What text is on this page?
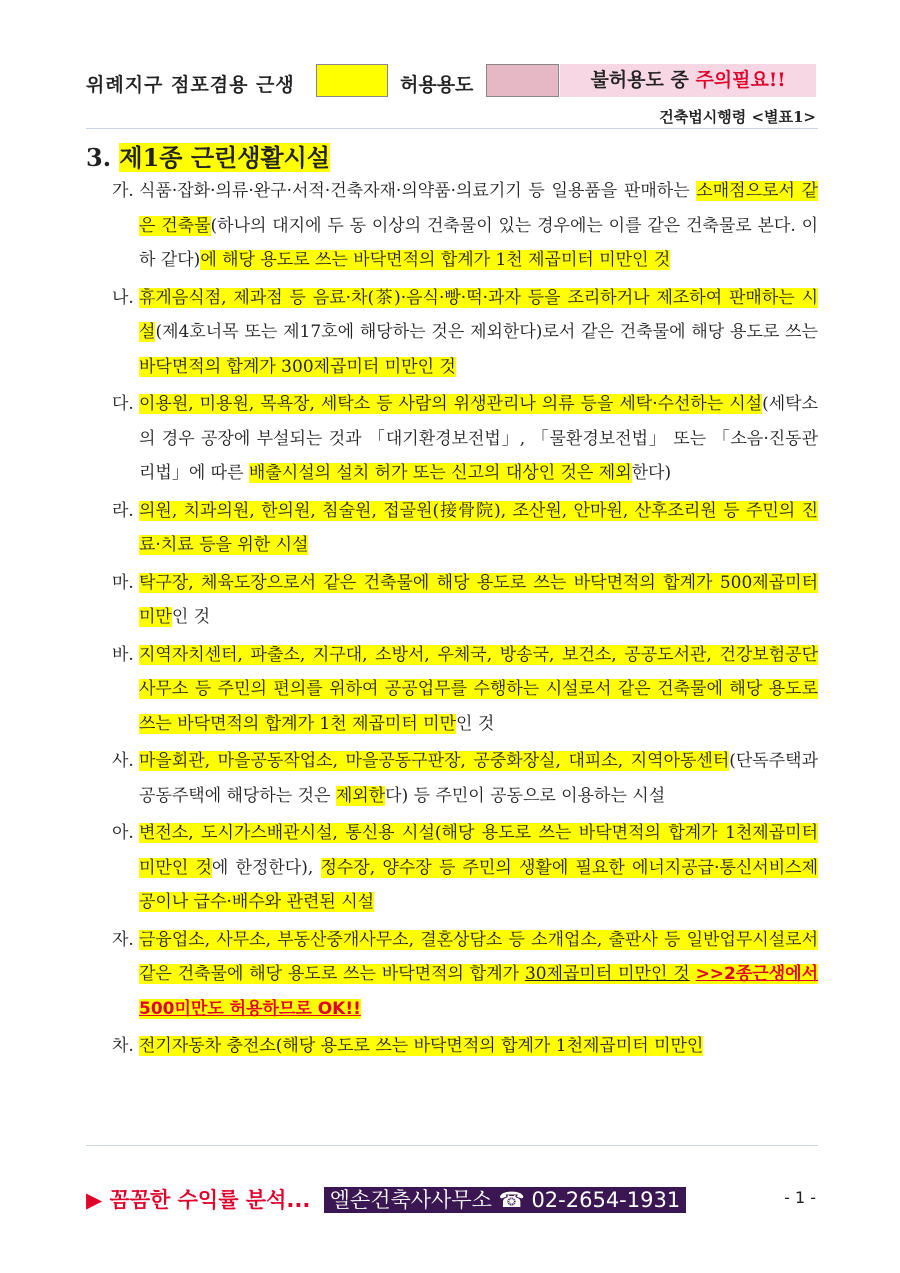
위례지구 점포겸용 근생	허용용도	불허용도 중 주의필요!!
건축법시행령 <별표1>
3. 제1종 근린생활시설
가. 식품·잡화·의류·완구·서적·건축자재·의약품·의료기기 등 일용품을 판매하는 소매점으로서 같은 건축물(하나의 대지에 두 동 이상의 건축물이 있는 경우에는 이를 같은 건축물로 본다. 이하 같다)에 해당 용도로 쓰는 바닥면적의 합계가 1천 제곱미터 미만인 것
나. 휴게음식점, 제과점 등 음료·차(茶)·음식·빵·떡·과자 등을 조리하거나 제조하여 판매하는 시설(제4호너목 또는 제17호에 해당하는 것은 제외한다)로서 같은 건축물에 해당 용도로 쓰는 바닥면적의 합계가 300제곱미터 미만인 것
다. 이용원, 미용원, 목욕장, 세탁소 등 사람의 위생관리나 의류 등을 세탁·수선하는 시설(세탁소의 경우 공장에 부설되는 것과 「대기환경보전법」, 「물환경보전법」 또는 「소음·진동관리법」에 따른 배출시설의 설치 허가 또는 신고의 대상인 것은 제외한다)
라. 의원, 치과의원, 한의원, 침술원, 접골원(接骨院), 조산원, 안마원, 산후조리원 등 주민의 진료·치료 등을 위한 시설
마. 탁구장, 체육도장으로서 같은 건축물에 해당 용도로 쓰는 바닥면적의 합계가 500제곱미터 미만인 것
바. 지역자치센터, 파출소, 지구대, 소방서, 우체국, 방송국, 보건소, 공공도서관, 건강보험공단 사무소 등 주민의 편의를 위하여 공공업무를 수행하는 시설로서 같은 건축물에 해당 용도로 쓰는 바닥면적의 합계가 1천 제곱미터 미만인 것
사. 마을회관, 마을공동작업소, 마을공동구판장, 공중화장실, 대피소, 지역아동센터(단독주택과 공동주택에 해당하는 것은 제외한다) 등 주민이 공동으로 이용하는 시설
아. 변전소, 도시가스배관시설, 통신용 시설(해당 용도로 쓰는 바닥면적의 합계가 1천제곱미터 미만인 것에 한정한다), 정수장, 양수장 등 주민의 생활에 필요한 에너지공급·통신서비스제공이나 급수·배수와 관련된 시설
자. 금융업소, 사무소, 부동산중개사무소, 결혼상담소 등 소개업소, 출판사 등 일반업무시설로서 같은 건축물에 해당 용도로 쓰는 바닥면적의 합계가 30제곱미터 미만인 것 >>2종근생에서 500미만도 허용하므로 OK!!
차. 전기자동차 충전소(해당 용도로 쓰는 바닥면적의 합계가 1천제곱미터 미만인
▶ 꼼꼼한 수익률 분석... 엘손건축사사무소 ☎ 02-2654-1931	- 1 -
